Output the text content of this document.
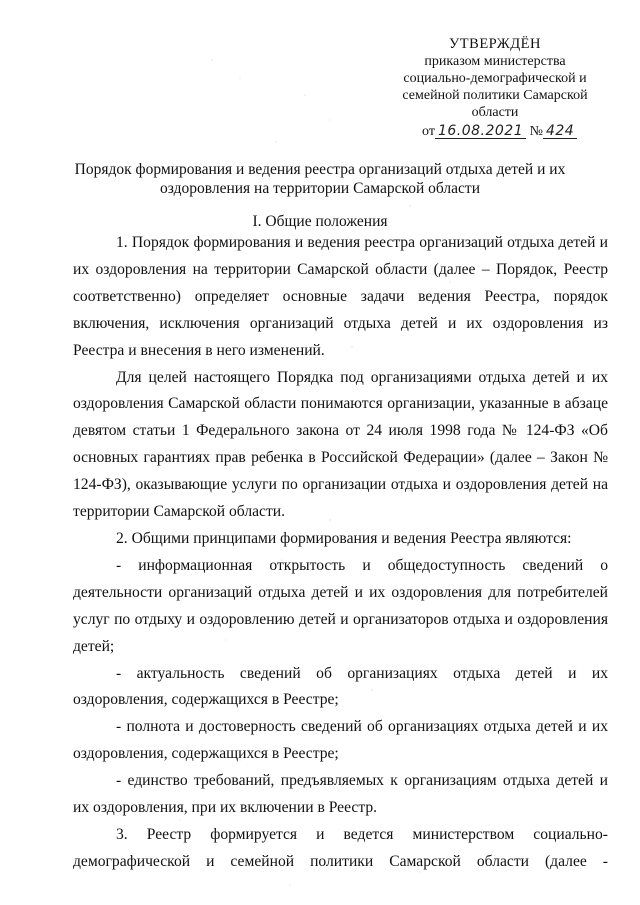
УТВЕРЖДЁН
приказом министерства
социально-демографической и
семейной политики Самарской
области
от 16.08.2021 № 424
Порядок формирования и ведения реестра организаций отдыха детей и их
оздоровления на территории Самарской области
I. Общие положения

1. Порядок формирования и ведения реестра организаций отдыха детей и их оздоровления на территории Самарской области (далее – Порядок, Реестр соответственно) определяет основные задачи ведения Реестра, порядок включения, исключения организаций отдыха детей и их оздоровления из Реестра и внесения в него изменений.

Для целей настоящего Порядка под организациями отдыха детей и их оздоровления Самарской области понимаются организации, указанные в абзаце девятом статьи 1 Федерального закона от 24 июля 1998 года № 124-ФЗ «Об основных гарантиях прав ребенка в Российской Федерации» (далее – Закон № 124-ФЗ), оказывающие услуги по организации отдыха и оздоровления детей на территории Самарской области.

2. Общими принципами формирования и ведения Реестра являются:

- информационная открытость и общедоступность сведений о деятельности организаций отдыха детей и их оздоровления для потребителей услуг по отдыху и оздоровлению детей и организаторов отдыха и оздоровления детей;

- актуальность сведений об организациях отдыха детей и их оздоровления, содержащихся в Реестре;

- полнота и достоверность сведений об организациях отдыха детей и их оздоровления, содержащихся в Реестре;

- единство требований, предъявляемых к организациям отдыха детей и их оздоровления, при их включении в Реестр.

3. Реестр формируется и ведется министерством социально-демографической и семейной политики Самарской области (далее -
